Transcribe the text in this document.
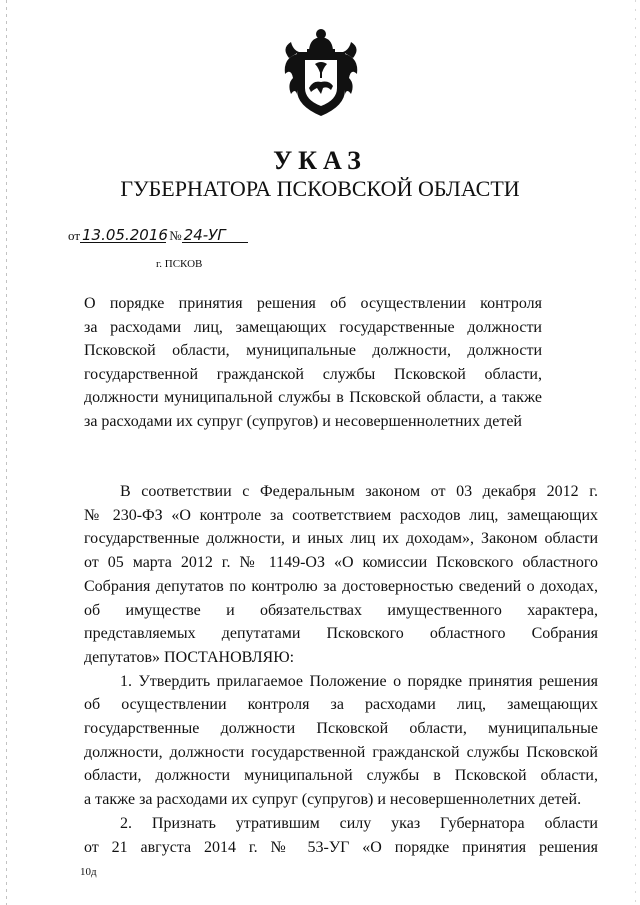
УКАЗ
ГУБЕРНАТОРА ПСКОВСКОЙ ОБЛАСТИ
от 13.05.2016 № 24-УГ
г. ПСКОВ

О порядке принятия решения об осуществлении контроля

за расходами лиц, замещающих государственные должности

Псковской области, муниципальные должности, должности

государственной гражданской службы Псковской области,

должности муниципальной службы в Псковской области, а также

за расходами их супруг (супругов) и несовершеннолетних детей

В соответствии с Федеральным законом от 03 декабря 2012 г.

№ 230-ФЗ «О контроле за соответствием расходов лиц, замещающих

государственные должности, и иных лиц их доходам», Законом области

от 05 марта 2012 г. № 1149-ОЗ «О комиссии Псковского областного

Собрания депутатов по контролю за достоверностью сведений о доходах,

об имуществе и обязательствах имущественного характера,

представляемых депутатами Псковского областного Собрания

депутатов» ПОСТАНОВЛЯЮ:

1. Утвердить прилагаемое Положение о порядке принятия решения

об осуществлении контроля за расходами лиц, замещающих

государственные должности Псковской области, муниципальные

должности, должности государственной гражданской службы Псковской

области, должности муниципальной службы в Псковской области,

а также за расходами их супруг (супругов) и несовершеннолетних детей.

2. Признать утратившим силу указ Губернатора области

от 21 августа 2014 г. № 53-УГ «О порядке принятия решения

10д
